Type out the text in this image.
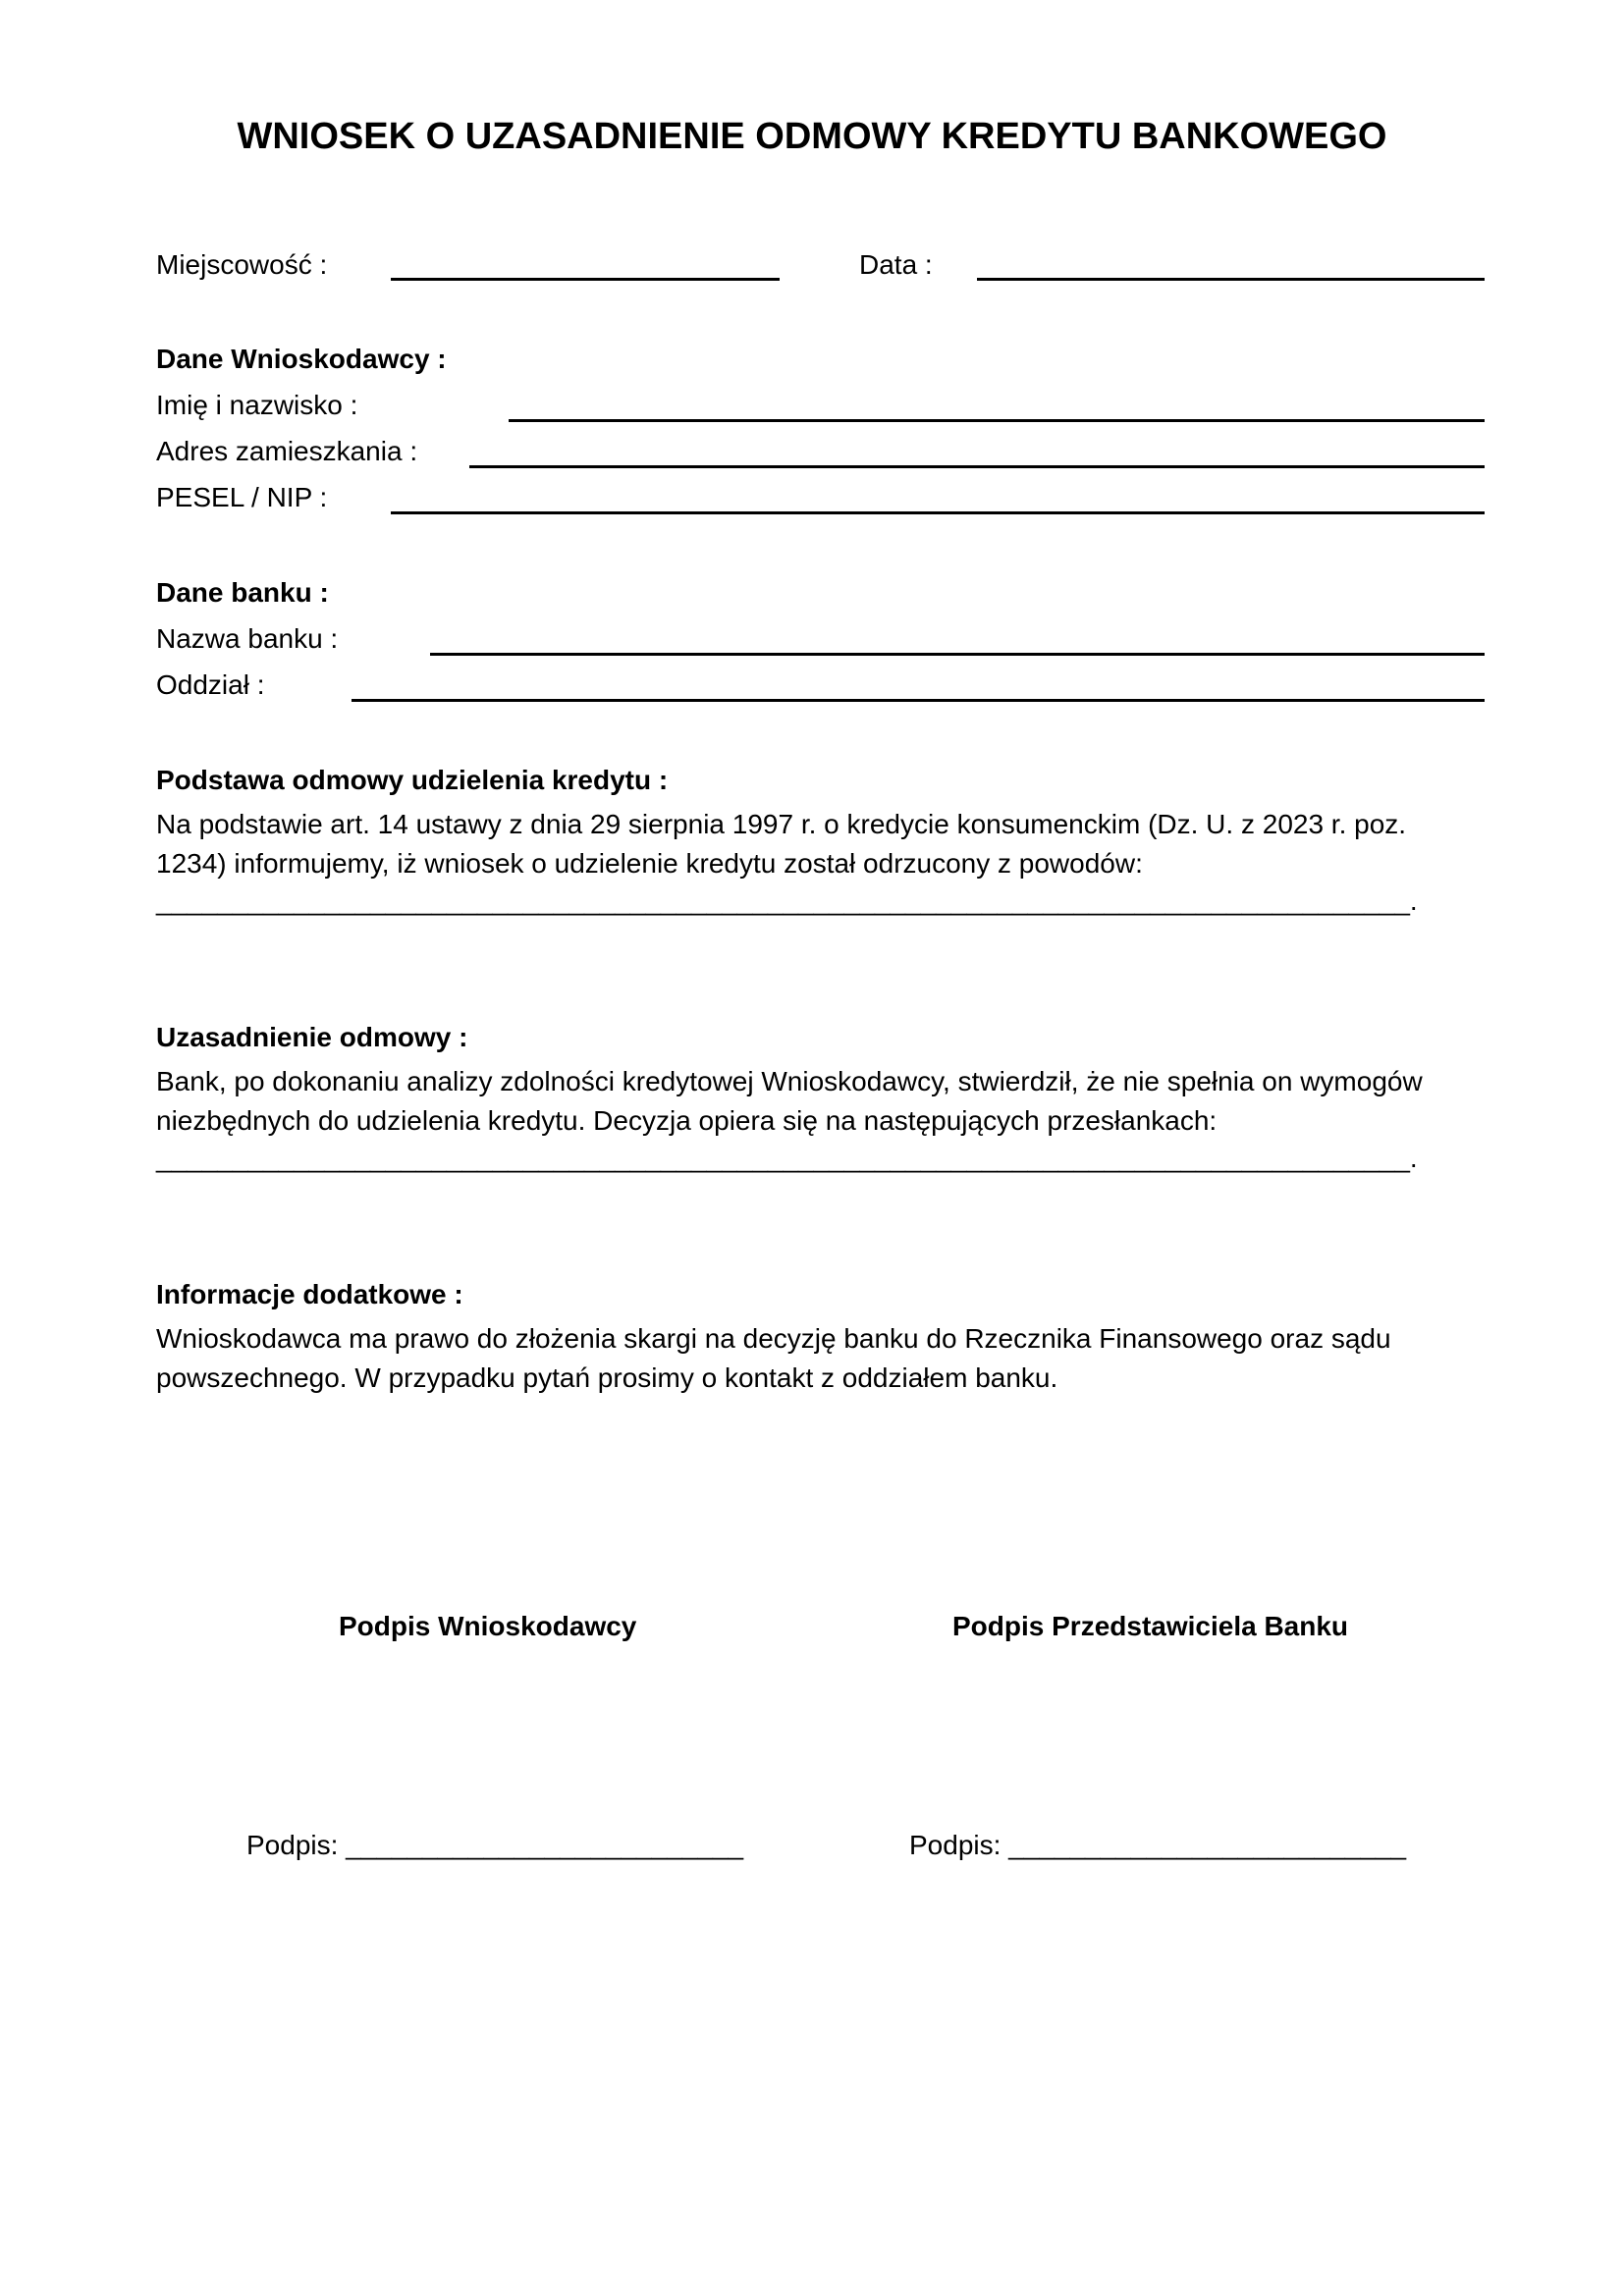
WNIOSEK O UZASADNIENIE ODMOWY KREDYTU BANKOWEGO
Miejscowość :	Data :
Dane Wnioskodawcy :
Imię i nazwisko :
Adres zamieszkania :
PESEL / NIP :
Dane banku :
Nazwa banku :
Oddział :
Podstawa odmowy udzielenia kredytu :
Na podstawie art. 14 ustawy z dnia 29 sierpnia 1997 r. o kredycie konsumenckim (Dz. U. z 2023 r. poz. 1234) informujemy, iż wniosek o udzielenie kredytu został odrzucony z powodów:
__________________________________________________________________________________.
Uzasadnienie odmowy :
Bank, po dokonaniu analizy zdolności kredytowej Wnioskodawcy, stwierdził, że nie spełnia on wymogów niezbędnych do udzielenia kredytu. Decyzja opiera się na następujących przesłankach:
__________________________________________________________________________________.
Informacje dodatkowe :
Wnioskodawca ma prawo do złożenia skargi na decyzję banku do Rzecznika Finansowego oraz sądu powszechnego. W przypadku pytań prosimy o kontakt z oddziałem banku.
Podpis Wnioskodawcy	Podpis Przedstawiciela Banku
Podpis: __________________________	Podpis: __________________________
